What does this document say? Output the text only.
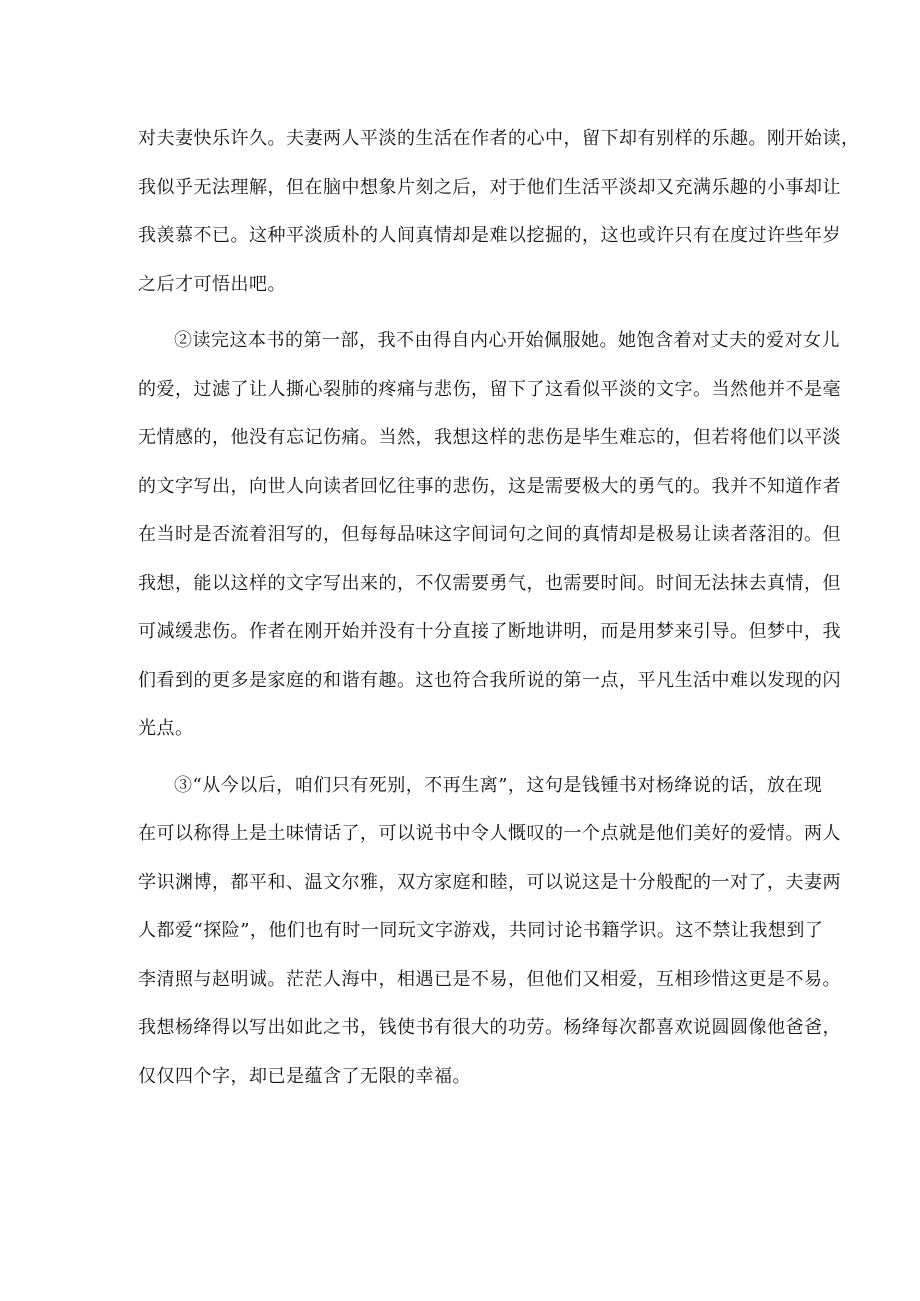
对夫妻快乐许久。夫妻两人平淡的生活在作者的心中，留下却有别样的乐趣。刚开始读，
我似乎无法理解，但在脑中想象片刻之后，对于他们生活平淡却又充满乐趣的小事却让
我羡慕不已。这种平淡质朴的人间真情却是难以挖掘的，这也或许只有在度过许些年岁
之后才可悟出吧。
②读完这本书的第一部，我不由得自内心开始佩服她。她饱含着对丈夫的爱对女儿
的爱，过滤了让人撕心裂肺的疼痛与悲伤，留下了这看似平淡的文字。当然他并不是毫
无情感的，他没有忘记伤痛。当然，我想这样的悲伤是毕生难忘的，但若将他们以平淡
的文字写出，向世人向读者回忆往事的悲伤，这是需要极大的勇气的。我并不知道作者
在当时是否流着泪写的，但每每品味这字间词句之间的真情却是极易让读者落泪的。但
我想，能以这样的文字写出来的，不仅需要勇气，也需要时间。时间无法抹去真情，但
可减缓悲伤。作者在刚开始并没有十分直接了断地讲明，而是用梦来引导。但梦中，我
们看到的更多是家庭的和谐有趣。这也符合我所说的第一点，平凡生活中难以发现的闪
光点。
③“从今以后，咱们只有死别，不再生离”，这句是钱锺书对杨绛说的话，放在现
在可以称得上是土味情话了，可以说书中令人慨叹的一个点就是他们美好的爱情。两人
学识渊博，都平和、温文尔雅，双方家庭和睦，可以说这是十分般配的一对了，夫妻两
人都爱“探险”，他们也有时一同玩文字游戏，共同讨论书籍学识。这不禁让我想到了
李清照与赵明诚。茫茫人海中，相遇已是不易，但他们又相爱，互相珍惜这更是不易。
我想杨绛得以写出如此之书，钱使书有很大的功劳。杨绛每次都喜欢说圆圆像他爸爸，
仅仅四个字，却已是蕴含了无限的幸福。
